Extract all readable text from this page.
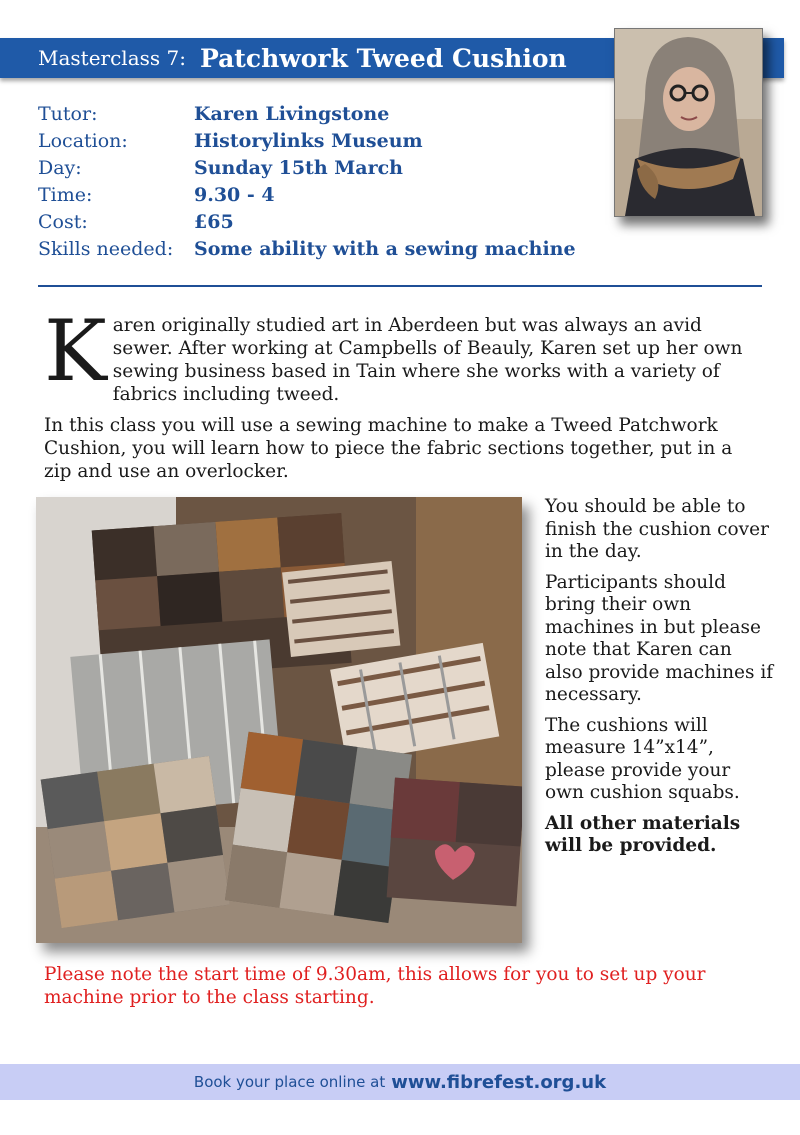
Masterclass 7: Patchwork Tweed Cushion
Tutor:	Karen Livingstone
Location:	Historylinks Museum
Day:	Sunday 15th March
Time:	9.30 - 4
Cost:	£65
Skills needed:	Some ability with a sewing machine

Karen originally studied art in Aberdeen but was always an avid sewer. After working at Campbells of Beauly, Karen set up her own sewing business based in Tain where she works with a variety of fabrics including tweed.

In this class you will use a sewing machine to make a Tweed Patchwork Cushion, you will learn how to piece the fabric sections together, put in a zip and use an overlocker.

You should be able to finish the cushion cover in the day.

Participants should bring their own machines in but please note that Karen can also provide machines if necessary.

The cushions will measure 14”x14”, please provide your own cushion squabs.

All other materials will be provided.

Please note the start time of 9.30am, this allows for you to set up your machine prior to the class starting.
Book your place online at www.fibrefest.org.uk
